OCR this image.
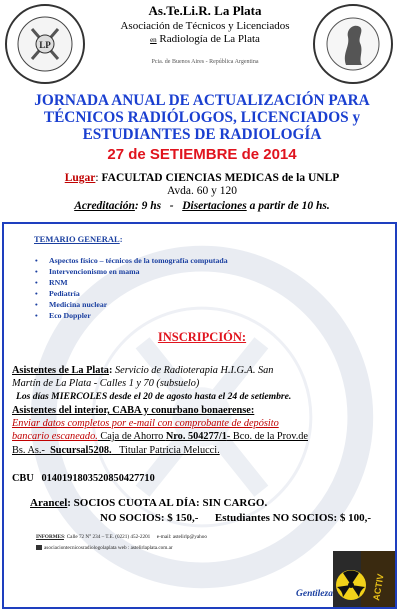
LP
As.Te.Li.R. La Plata
Asociación de Técnicos y Licenciados
en Radiología de La Plata
Pcia. de Buenos Aires - República Argentina
JORNADA ANUAL DE ACTUALIZACIÓN PARA
TÉCNICOS RADIÓLOGOS, LICENCIADOS y
ESTUDIANTES DE RADIOLOGÍA
27 de SETIEMBRE de 2014
Lugar: FACULTAD CIENCIAS MEDICAS de la UNLP
Avda. 60 y 120
Acreditación: 9 hs   -   Disertaciones a partir de 10 hs.
TEMARIO GENERAL:
• Aspectos físico – técnicos de la tomografía computada
• Intervencionismo en mama
• RNM
• Pediatría
• Medicina nuclear
• Eco Doppler
INSCRIPCIÓN:
Asistentes de La Plata: Servicio de Radioterapia H.I.G.A. San
Martín de La Plata - Calles 1 y 70 (subsuelo)
Los días MIERCOLES desde el 20 de agosto hasta el 24 de setiembre.
Asistentes del interior, CABA y conurbano bonaerense:
Enviar datos completos por e-mail con comprobante de depósito
bancario escaneado. Caja de Ahorro Nro. 504277/1- Bco. de la Prov.de
Bs. As.-  Sucursal5208.   Titular Patricia Melucci.
CBU   0140191803520850427710
Arancel: SOCIOS CUOTA AL DÍA: SIN CARGO.
NO SOCIOS: $ 150,-      Estudiantes NO SOCIOS: $ 100,-
INFORMES: Calle 72 N° 234 – T.E. (0221) 452-2201     e-mail: astelirlp@yahoo
asociaciontecnicosradiologolaplata web : astelirlaplata.com.ar
ACTIV
Gentileza
